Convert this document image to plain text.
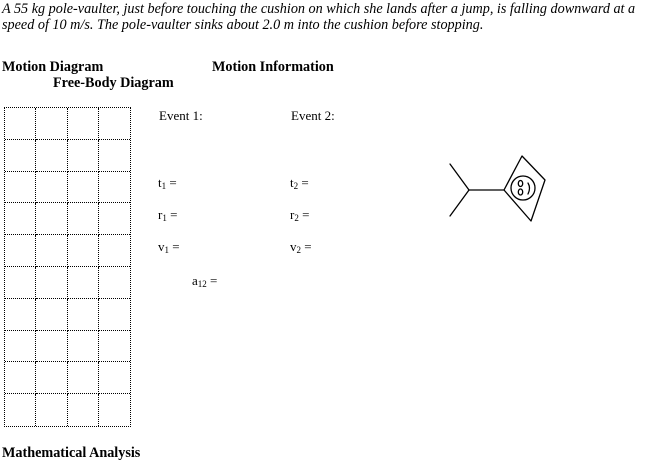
A 55 kg pole-vaulter, just before touching the cushion on which she lands after a jump, is falling downward at a speed of 10 m/s. The pole-vaulter sinks about 2.0 m into the cushion before stopping.
Motion Diagram
Free-Body Diagram
Motion Information
Event 1:	Event 2:
$t_1$ =
$r_1$ =
$v_1$ =
$t_2$ =
$r_2$ =
$v_2$ =
$a_{12}$ =
Mathematical Analysis
